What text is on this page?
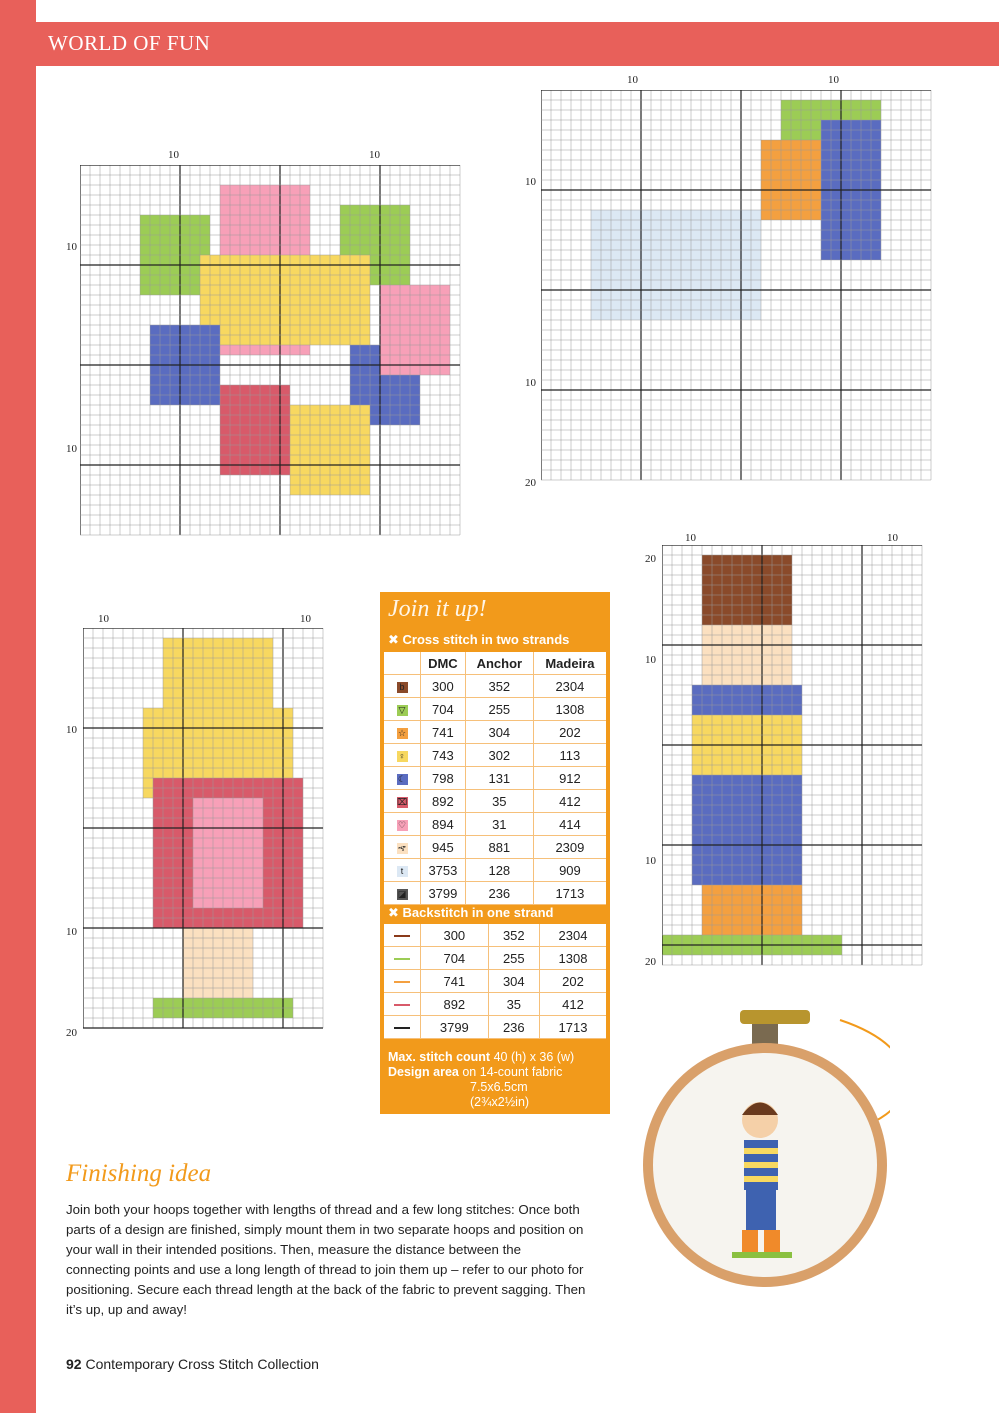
WORLD OF FUN
10	10
10
10
10	10
10
10
20
10	10
10
10
20
10	10
20
10
10
20
Join it up!
✖ Cross stitch in two strands
	DMC	Anchor	Madeira
b	300	352	2304
▽	704	255	1308
☆	741	304	202
♀	743	302	113
☾	798	131	912
⌧	892	35	412
♡	894	31	414
ኆ	945	881	2309
t	3753	128	909
◪	3799	236	1713
✖ Backstitch in one strand
	300	352	2304
	704	255	1308
	741	304	202
	892	35	412
	3799	236	1713
Max. stitch count 40 (h) x 36 (w)
Design area on 14-count fabric
7.5x6.5cm
(2¾x2½in)
Finishing idea
Join both your hoops together with lengths of thread and a few long stitches: Once both parts of a design are finished, simply mount them in two separate hoops and position on your wall in their intended positions. Then, measure the distance between the connecting points and use a long length of thread to join them up – refer to our photo for positioning. Secure each thread length at the back of the fabric to prevent sagging. Then it’s up, up and away!
92 Contemporary Cross Stitch Collection
